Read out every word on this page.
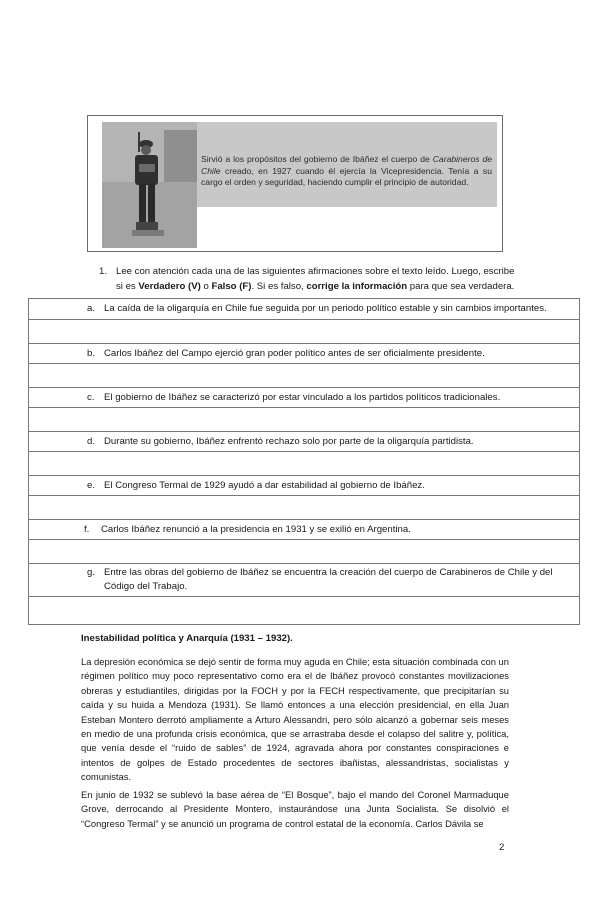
Sirvió a los propósitos del gobierno de Ibáñez el cuerpo de Carabineros de Chile creado, en 1927 cuando él ejercía la Vicepresidencia. Tenía a su cargo el orden y seguridad, haciendo cumplir el principio de autoridad.
1. Lee con atención cada una de las siguientes afirmaciones sobre el texto leído. Luego, escribe si es Verdadero (V) o Falso (F). Si es falso, corrige la información para que sea verdadera.
a. La caída de la oligarquía en Chile fue seguida por un periodo político estable y sin cambios importantes.

b. Carlos Ibáñez del Campo ejerció gran poder político antes de ser oficialmente presidente.

c. El gobierno de Ibáñez se caracterizó por estar vinculado a los partidos políticos tradicionales.

d. Durante su gobierno, Ibáñez enfrentó rechazo solo por parte de la oligarquía partidista.

e. El Congreso Termal de 1929 ayudó a dar estabilidad al gobierno de Ibáñez.

f. Carlos Ibáñez renunció a la presidencia en 1931 y se exilió en Argentina.

g. Entre las obras del gobierno de Ibáñez se encuentra la creación del cuerpo de Carabineros de Chile y del Código del Trabajo.

Inestabilidad política y Anarquía (1931 – 1932).

La depresión económica se dejó sentir de forma muy aguda en Chile; esta situación combinada con un régimen político muy poco representativo como era el de Ibáñez provocó constantes movilizaciones obreras y estudiantiles, dirigidas por la FOCH y por la FECH respectivamente, que precipitarían su caída y su huida a Mendoza (1931). Se llamó entonces a una elección presidencial, en ella Juan Esteban Montero derrotó ampliamente a Arturo Alessandri, pero sólo alcanzó a gobernar seis meses en medio de una profunda crisis económica, que se arrastraba desde el colapso del salitre y, política, que venía desde el “ruido de sables” de 1924, agravada ahora por constantes conspiraciones e intentos de golpes de Estado procedentes de sectores ibañistas, alessandristas, socialistas y comunistas.

En junio de 1932 se sublevó la base aérea de “El Bosque”, bajo el mando del Coronel Marmaduque Grove, derrocando al Presidente Montero, instaurándose una Junta Socialista. Se disolvió el “Congreso Termal” y se anunció un programa de control estatal de la economía. Carlos Dávila se

2
